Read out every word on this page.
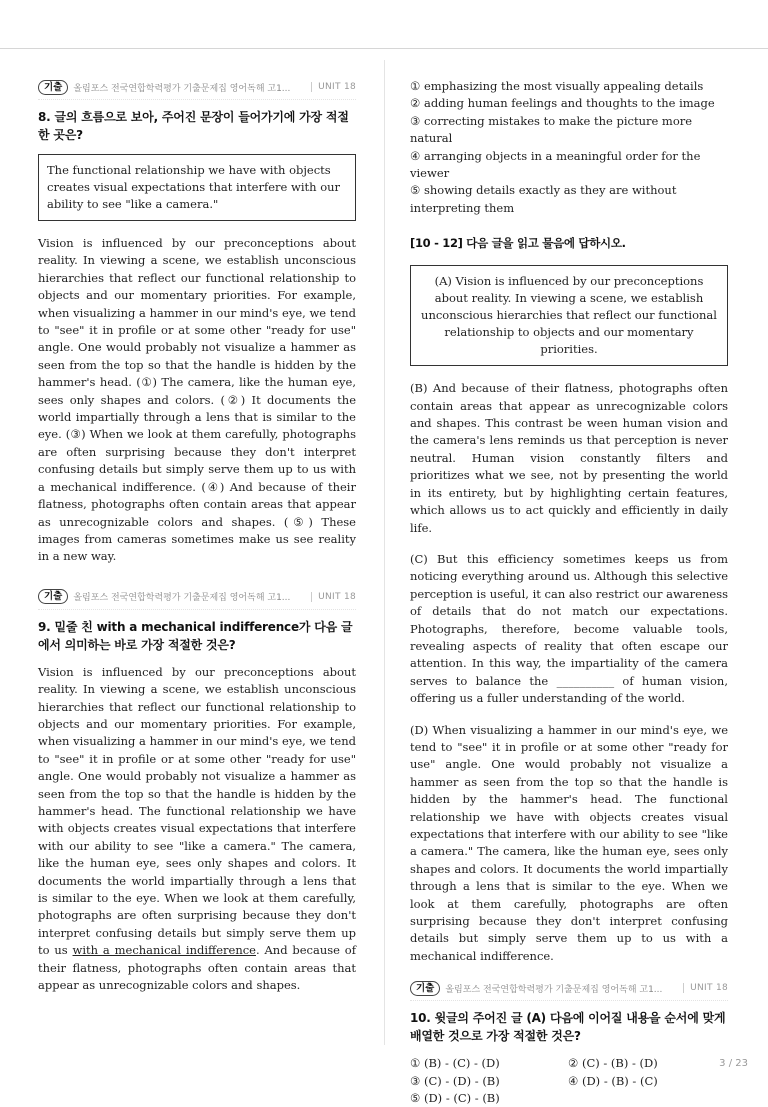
기출	올림포스 전국연합학력평가 기출문제집 영어독해 고1...	UNIT 18
8. 글의 흐름으로 보아, 주어진 문장이 들어가기에 가장 적절한 곳은?
The functional relationship we have with objects creates visual expectations that interfere with our ability to see "like a camera."
Vision is influenced by our preconceptions about reality. In viewing a scene, we establish unconscious hierarchies that reflect our functional relationship to objects and our momentary priorities. For example, when visualizing a hammer in our mind's eye, we tend to "see" it in profile or at some other "ready for use" angle. One would probably not visualize a hammer as seen from the top so that the handle is hidden by the hammer's head. (①) The camera, like the human eye, sees only shapes and colors. (②) It documents the world impartially through a lens that is similar to the eye. (③) When we look at them carefully, photographs are often surprising because they don't interpret confusing details but simply serve them up to us with a mechanical indifference. (④) And because of their flatness, photographs often contain areas that appear as unrecognizable colors and shapes. (⑤) These images from cameras sometimes make us see reality in a new way.
기출	올림포스 전국연합학력평가 기출문제집 영어독해 고1...	UNIT 18
9. 밑줄 친 with a mechanical indifference가 다음 글에서 의미하는 바로 가장 적절한 것은?
Vision is influenced by our preconceptions about reality. In viewing a scene, we establish unconscious hierarchies that reflect our functional relationship to objects and our momentary priorities. For example, when visualizing a hammer in our mind's eye, we tend to "see" it in profile or at some other "ready for use" angle. One would probably not visualize a hammer as seen from the top so that the handle is hidden by the hammer's head. The functional relationship we have with objects creates visual expectations that interfere with our ability to see "like a camera." The camera, like the human eye, sees only shapes and colors. It documents the world impartially through a lens that is similar to the eye. When we look at them carefully, photographs are often surprising because they don't interpret confusing details but simply serve them up to us with a mechanical indifference. And because of their flatness, photographs often contain areas that appear as unrecognizable colors and shapes.
① emphasizing the most visually appealing details
② adding human feelings and thoughts to the image
③ correcting mistakes to make the picture more natural
④ arranging objects in a meaningful order for the viewer
⑤ showing details exactly as they are without interpreting them
[10 - 12] 다음 글을 읽고 물음에 답하시오.
(A) Vision is influenced by our preconceptions about reality. In viewing a scene, we establish unconscious hierarchies that reflect our functional relationship to objects and our momentary priorities.
(B) And because of their flatness, photographs often contain areas that appear as unrecognizable colors and shapes. This contrast be ween human vision and the camera's lens reminds us that perception is never neutral. Human vision constantly filters and prioritizes what we see, not by presenting the world in its entirety, but by highlighting certain features, which allows us to act quickly and efficiently in daily life.
(C) But this efficiency sometimes keeps us from noticing everything around us. Although this selective perception is useful, it can also restrict our awareness of details that do not match our expectations. Photographs, therefore, become valuable tools, revealing aspects of reality that often escape our attention. In this way, the impartiality of the camera serves to balance the __________ of human vision, offering us a fuller understanding of the world.
(D) When visualizing a hammer in our mind's eye, we tend to "see" it in profile or at some other "ready for use" angle. One would probably not visualize a hammer as seen from the top so that the handle is hidden by the hammer's head. The functional relationship we have with objects creates visual expectations that interfere with our ability to see "like a camera." The camera, like the human eye, sees only shapes and colors. It documents the world impartially through a lens that is similar to the eye. When we look at them carefully, photographs are often surprising because they don't interpret confusing details but simply serve them up to us with a mechanical indifference.
기출	올림포스 전국연합학력평가 기출문제집 영어독해 고1...	UNIT 18
10. 윗글의 주어진 글 (A) 다음에 이어질 내용을 순서에 맞게 배열한 것으로 가장 적절한 것은?
① (B) - (C) - (D)	② (C) - (B) - (D)
③ (C) - (D) - (B)	④ (D) - (B) - (C)
⑤ (D) - (C) - (B)
3 / 23
